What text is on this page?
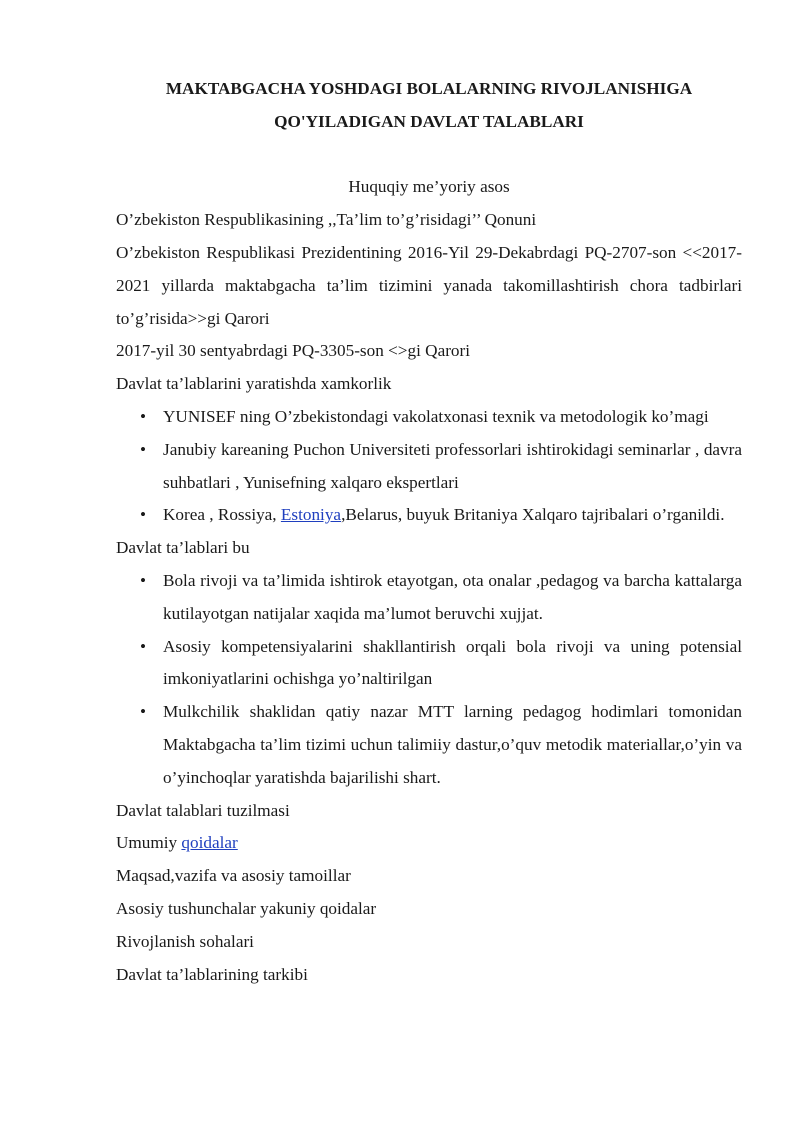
MAKTABGACHA YOSHDAGI BOLALARNING RIVOJLANISHIGA

QO'YILADIGAN DAVLAT TALABLARI

Huquqiy me’yoriy asos

O’zbekiston Respublikasining ,,Ta’lim to’g’risidagi’’ Qonuni

O’zbekiston Respublikasi Prezidentining 2016-Yil 29-Dekabrdagi PQ-2707-son <<2017-2021 yillarda maktabgacha ta’lim tizimini yanada takomillashtirish chora tadbirlari to’g’risida>>gi Qarori

2017-yil 30 sentyabrdagi PQ-3305-son <>gi Qarori

Davlat ta’lablarini yaratishda xamkorlik

• YUNISEF ning O’zbekistondagi vakolatxonasi texnik va metodologik ko’magi
• Janubiy kareaning Puchon Universiteti professorlari ishtirokidagi seminarlar , davra suhbatlari , Yunisefning xalqaro ekspertlari
• Korea , Rossiya, Estoniya,Belarus, buyuk Britaniya Xalqaro tajribalari o’rganildi.

Davlat ta’lablari bu

• Bola rivoji va ta’limida ishtirok etayotgan, ota onalar ,pedagog va barcha kattalarga kutilayotgan natijalar xaqida ma’lumot beruvchi xujjat.
• Asosiy kompetensiyalarini shakllantirish orqali bola rivoji va uning potensial imkoniyatlarini ochishga yo’naltirilgan
• Mulkchilik shaklidan qatiy nazar MTT larning pedagog hodimlari tomonidan Maktabgacha ta’lim tizimi uchun talimiiy dastur,o’quv metodik materiallar,o’yin va o’yinchoqlar yaratishda bajarilishi shart.

Davlat talablari tuzilmasi

Umumiy qoidalar

Maqsad,vazifa va asosiy tamoillar

Asosiy tushunchalar yakuniy qoidalar

Rivojlanish sohalari

Davlat ta’lablarining tarkibi
